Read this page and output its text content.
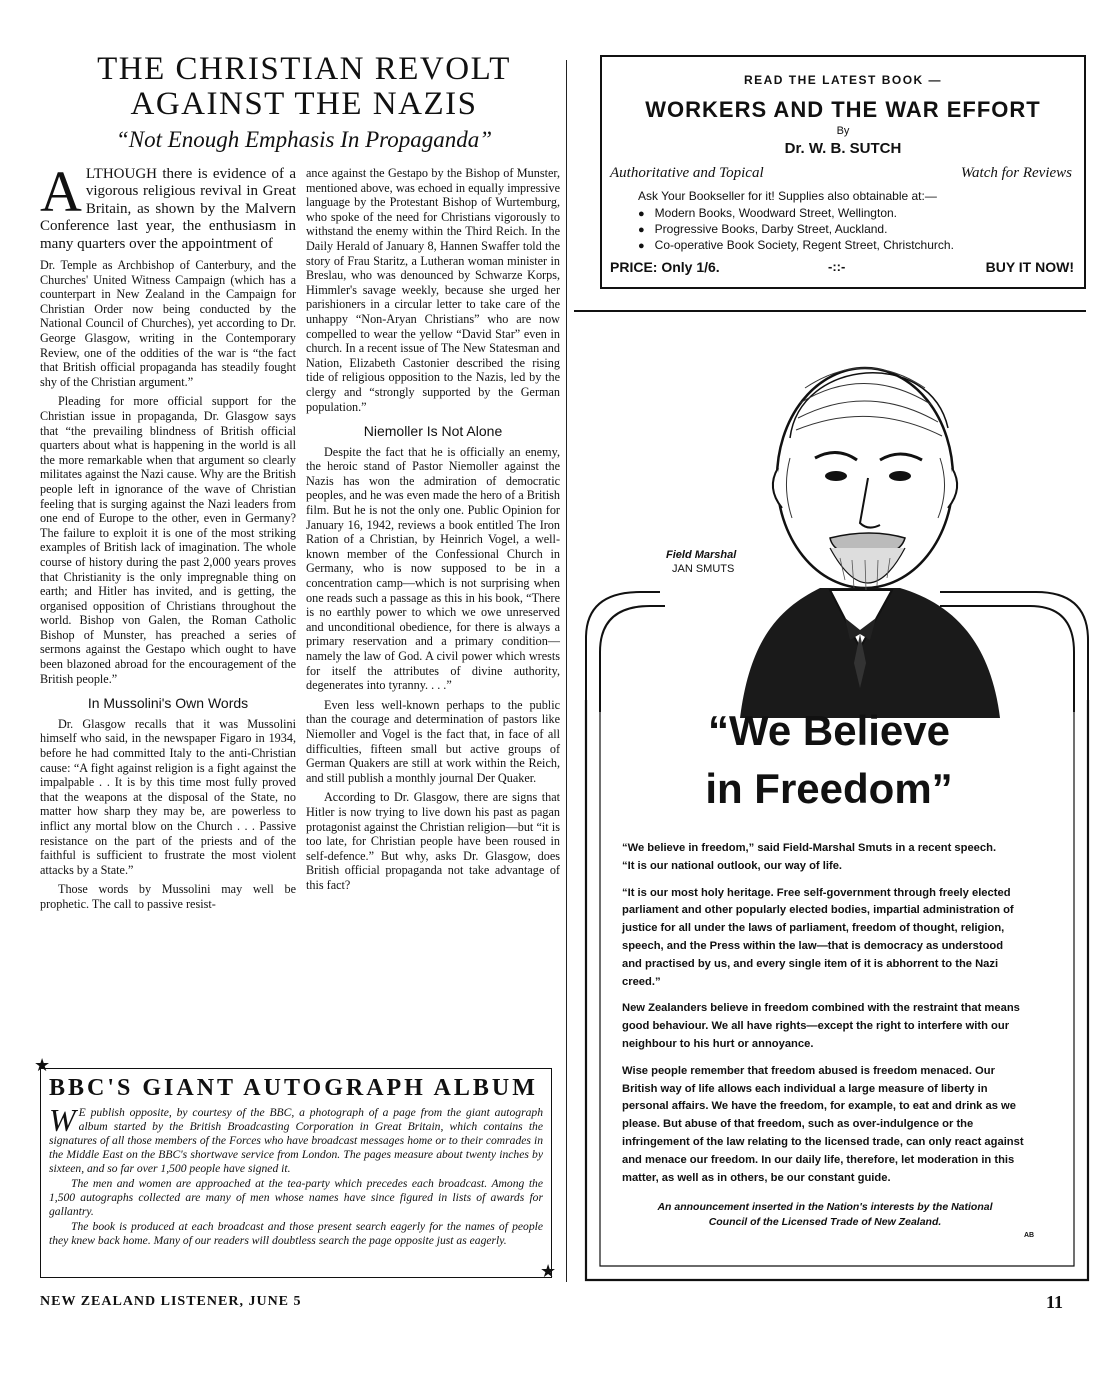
THE CHRISTIAN REVOLT
AGAINST THE NAZIS
“Not Enough Emphasis In Propaganda”

ALTHOUGH there is evidence of a vigorous religious revival in Great Britain, as shown by the Malvern Conference last year, the enthusiasm in many quarters over the appointment of

Dr. Temple as Archbishop of Canterbury, and the Churches' United Witness Campaign (which has a counterpart in New Zealand in the Campaign for Christian Order now being conducted by the National Council of Churches), yet according to Dr. George Glasgow, writing in the Contemporary Review, one of the oddities of the war is “the fact that British official propaganda has steadily fought shy of the Christian argument.”

Pleading for more official support for the Christian issue in propaganda, Dr. Glasgow says that “the prevailing blindness of British official quarters about what is happening in the world is all the more remarkable when that argument so clearly militates against the Nazi cause. Why are the British people left in ignorance of the wave of Christian feeling that is surging against the Nazi leaders from one end of Europe to the other, even in Germany? The failure to exploit it is one of the most striking examples of British lack of imagination. The whole course of history during the past 2,000 years proves that Christianity is the only impregnable thing on earth; and Hitler has invited, and is getting, the organised opposition of Christians throughout the world. Bishop von Galen, the Roman Catholic Bishop of Munster, has preached a series of sermons against the Gestapo which ought to have been blazoned abroad for the encouragement of the British people.”

In Mussolini's Own Words

Dr. Glasgow recalls that it was Mussolini himself who said, in the newspaper Figaro in 1934, before he had committed Italy to the anti-Christian cause: “A fight against religion is a fight against the impalpable . . It is by this time most fully proved that the weapons at the disposal of the State, no matter how sharp they may be, are powerless to inflict any mortal blow on the Church . . . Passive resistance on the part of the priests and of the faithful is sufficient to frustrate the most violent attacks by a State.”

Those words by Mussolini may well be prophetic. The call to passive resist-

ance against the Gestapo by the Bishop of Munster, mentioned above, was echoed in equally impressive language by the Protestant Bishop of Wurtemburg, who spoke of the need for Christians vigorously to withstand the enemy within the Third Reich. In the Daily Herald of January 8, Hannen Swaffer told the story of Frau Staritz, a Lutheran woman minister in Breslau, who was denounced by Schwarze Korps, Himmler's savage weekly, because she urged her parishioners in a circular letter to take care of the unhappy “Non-Aryan Christians” who are now compelled to wear the yellow “David Star” even in church. In a recent issue of The New Statesman and Nation, Elizabeth Castonier described the rising tide of religious opposition to the Nazis, led by the clergy and “strongly supported by the German population.”

Niemoller Is Not Alone

Despite the fact that he is officially an enemy, the heroic stand of Pastor Niemoller against the Nazis has won the admiration of democratic peoples, and he was even made the hero of a British film. But he is not the only one. Public Opinion for January 16, 1942, reviews a book entitled The Iron Ration of a Christian, by Heinrich Vogel, a well-known member of the Confessional Church in Germany, who is now supposed to be in a concentration camp—which is not surprising when one reads such a passage as this in his book, “There is no earthly power to which we owe unreserved and unconditional obedience, for there is always a primary reservation and a primary condition—namely the law of God. A civil power which wrests for itself the attributes of divine authority, degenerates into tyranny. . . .”

Even less well-known perhaps to the public than the courage and determination of pastors like Niemoller and Vogel is the fact that, in face of all difficulties, fifteen small but active groups of German Quakers are still at work within the Reich, and still publish a monthly journal Der Quaker.

According to Dr. Glasgow, there are signs that Hitler is now trying to live down his past as pagan protagonist against the Christian religion—but “it is too late, for Christian people have been roused in self-defence.” But why, asks Dr. Glasgow, does British official propaganda not take advantage of this fact?

★
BBC'S GIANT AUTOGRAPH ALBUM

W E publish opposite, by courtesy of the BBC, a photograph of a page from the giant autograph album started by the British Broadcasting Corporation in Great Britain, which contains the signatures of all those members of the Forces who have broadcast messages home or to their comrades in the Middle East on the BBC's shortwave service from London. The pages measure about twenty inches by sixteen, and so far over 1,500 people have signed it.

The men and women are approached at the tea-party which precedes each broadcast. Among the 1,500 autographs collected are many of men whose names have since figured in lists of awards for gallantry.

The book is produced at each broadcast and those present search eagerly for the names of people they knew back home. Many of our readers will doubtless search the page opposite just as eagerly.

★
NEW ZEALAND LISTENER, JUNE 5	11
READ THE LATEST BOOK —
WORKERS AND THE WAR EFFORT
By
Dr. W. B. SUTCH
Authoritative and Topical	Watch for Reviews
Ask Your Bookseller for it! Supplies also obtainable at:—
● Modern Books, Woodward Street, Wellington.
● Progressive Books, Darby Street, Auckland.
● Co-operative Book Society, Regent Street, Christchurch.
PRICE: Only 1/6.	-::-	BUY IT NOW!
Field Marshal
JAN SMUTS
“We Believe
in Freedom”

“We believe in freedom,” said Field-Marshal Smuts in a recent speech.
“It is our national outlook, our way of life.

“It is our most holy heritage. Free self-government through freely elected parliament and other popularly elected bodies, impartial administration of justice for all under the laws of parliament, freedom of thought, religion, speech, and the Press within the law—that is democracy as understood and practised by us, and every single item of it is abhorrent to the Nazi creed.”

New Zealanders believe in freedom combined with the restraint that means good behaviour. We all have rights—except the right to interfere with our neighbour to his hurt or annoyance.

Wise people remember that freedom abused is freedom menaced. Our British way of life allows each individual a large measure of liberty in personal affairs. We have the freedom, for example, to eat and drink as we please. But abuse of that freedom, such as over-indulgence or the infringement of the law relating to the licensed trade, can only react against and menace our freedom. In our daily life, therefore, let moderation in this matter, as well as in others, be our constant guide.

An announcement inserted in the Nation's interests by the National Council of the Licensed Trade of New Zealand.
AB
